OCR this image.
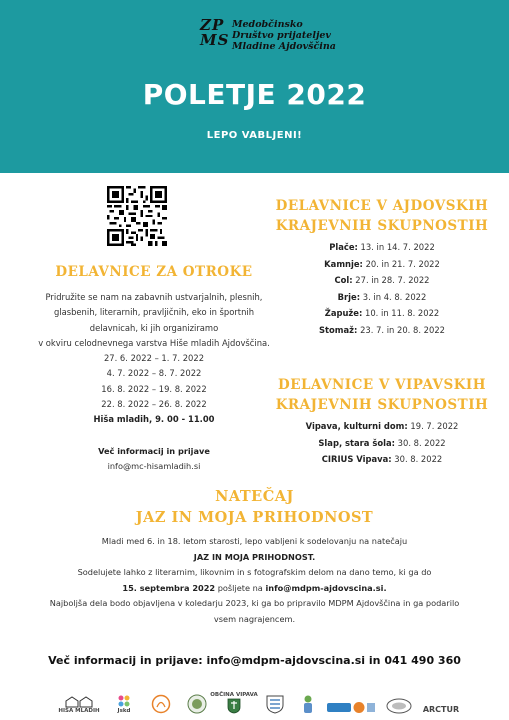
ZP
MS
Medobčinsko
Društvo prijateljev
Mladine Ajdovščina
POLETJE 2022
LEPO VABLJENI!
DELAVNICE ZA OTROKE
Pridružite se nam na zabavnih ustvarjalnih, plesnih,
glasbenih, literarnih, pravljičnih, eko in športnih
delavnicah, ki jih organiziramo
v okviru celodnevnega varstva Hiše mladih Ajdovščina.
27. 6. 2022 – 1. 7. 2022
4. 7. 2022 – 8. 7. 2022
16. 8. 2022 – 19. 8. 2022
22. 8. 2022 – 26. 8. 2022
Hiša mladih, 9. 00 - 11.00
Več informacij in prijave
info@mc-hisamladih.si
DELAVNICE V AJDOVSKIH
KRAJEVNIH SKUPNOSTIH
Plače: 13. in 14. 7. 2022
Kamnje: 20. in 21. 7. 2022
Col: 27. in 28. 7. 2022
Brje: 3. in 4. 8. 2022
Žapuže: 10. in 11. 8. 2022
Stomaž: 23. 7. in 20. 8. 2022
DELAVNICE V VIPAVSKIH
KRAJEVNIH SKUPNOSTIH
Vipava, kulturni dom: 19. 7. 2022
Slap, stara šola: 30. 8. 2022
CIRIUS Vipava: 30. 8. 2022
NATEČAJ
JAZ IN MOJA PRIHODNOST
Mladi med 6. in 18. letom starosti, lepo vabljeni k sodelovanju na natečaju
JAZ IN MOJA PRIHODNOST.
Sodelujete lahko z literarnim, likovnim in s fotografskim delom na dano temo, ki ga do
15. septembra 2022 pošljete na info@mdpm-ajdovscina.si.
Najboljša dela bodo objavljena v koledarju 2023, ki ga bo pripravilo MDPM Ajdovščina in ga podarilo
vsem nagrajencem.
Več informacij in prijave: info@mdpm-ajdovscina.si in 041 490 360
HIŠA MLADIH	Jskd
OBČINA VIPAVA
ARCTUR
